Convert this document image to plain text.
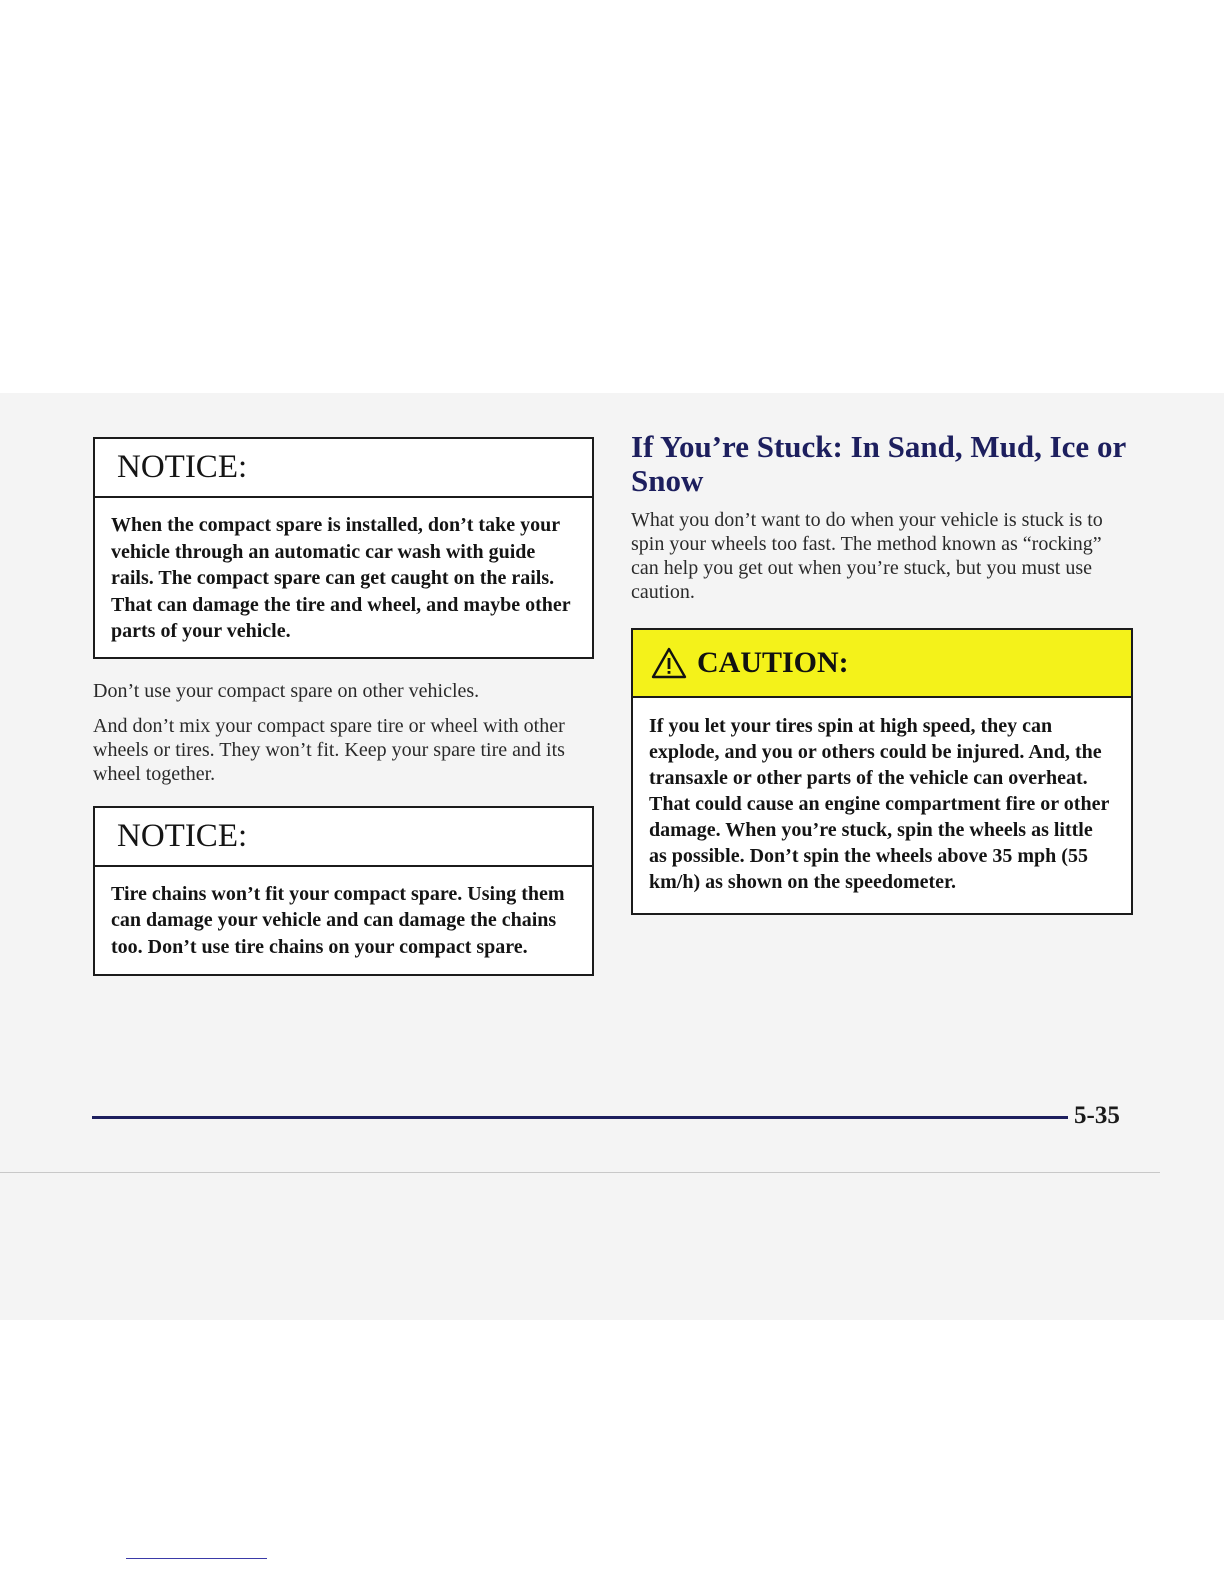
NOTICE:
When the compact spare is installed, don’t take your vehicle through an automatic car wash with guide rails. The compact spare can get caught on the rails. That can damage the tire and wheel, and maybe other parts of your vehicle.

Don’t use your compact spare on other vehicles.

And don’t mix your compact spare tire or wheel with other wheels or tires. They won’t fit. Keep your spare tire and its wheel together.

NOTICE:
Tire chains won’t fit your compact spare. Using them can damage your vehicle and can damage the chains too. Don’t use tire chains on your compact spare.
If You’re Stuck: In Sand, Mud, Ice or Snow

What you don’t want to do when your vehicle is stuck is to spin your wheels too fast. The method known as “rocking” can help you get out when you’re stuck, but you must use caution.

CAUTION:
If you let your tires spin at high speed, they can explode, and you or others could be injured. And, the transaxle or other parts of the vehicle can overheat. That could cause an engine compartment fire or other damage. When you’re stuck, spin the wheels as little as possible. Don’t spin the wheels above 35 mph (55 km/h) as shown on the speedometer.
5-35
